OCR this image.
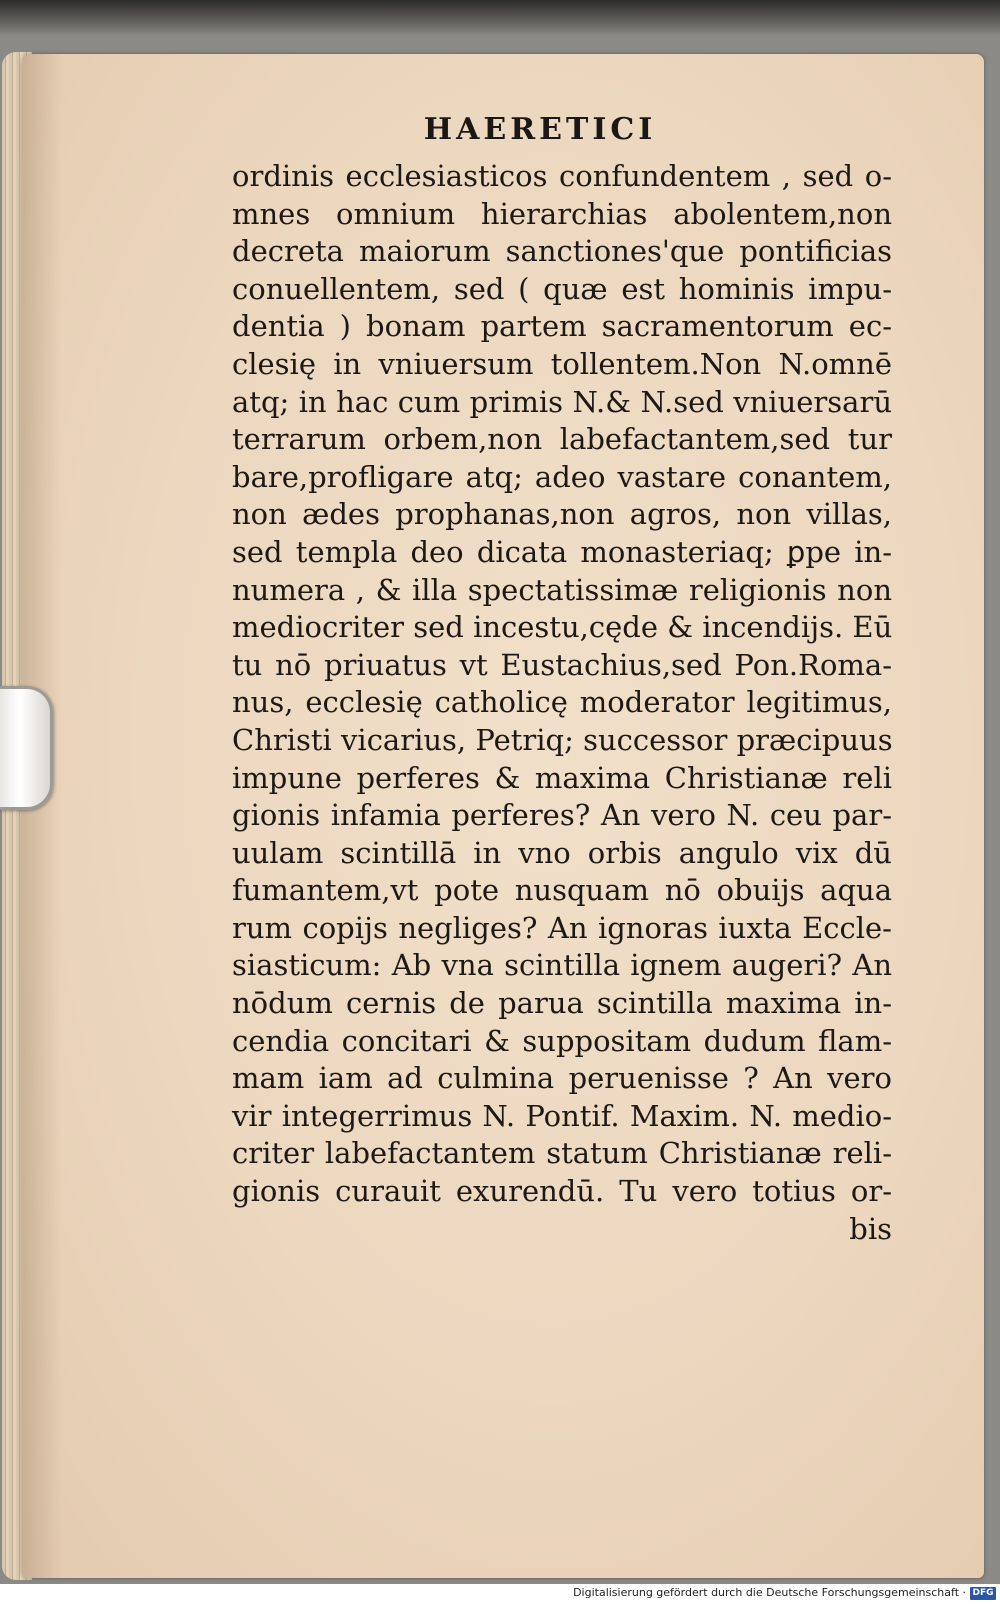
HAERETICI
ordinis ecclesiasticos confundentem , sed o-
mnes omnium hierarchias abolentem,non
decreta maiorum sanctiones'que pontificias
conuellentem, sed ( quæ est hominis impu-
dentia ) bonam partem sacramentorum ec-
clesię in vniuersum tollentem.Non N.omnē
atq; in hac cum primis N.& N.sed vniuersarū
terrarum orbem,non labefactantem,sed tur
bare,profligare atq; adeo vastare conantem,
non ædes prophanas,non agros, non villas,
sed templa deo dicata monasteriaq; ꝑpe in-
numera , & illa spectatissimæ religionis non
mediocriter sed incestu,cęde & incendijs. Eū
tu nō priuatus vt Eustachius,sed Pon.Roma-
nus, ecclesię catholicę moderator legitimus,
Christi vicarius, Petriq; successor præcipuus
impune perferes & maxima Christianæ reli
gionis infamia perferes? An vero N. ceu par-
uulam scintillā in vno orbis angulo vix dū
fumantem,vt pote nusquam nō obuijs aqua
rum copijs negliges? An ignoras iuxta Eccle-
siasticum: Ab vna scintilla ignem augeri? An
nōdum cernis de parua scintilla maxima in-
cendia concitari & suppositam dudum flam-
mam iam ad culmina peruenisse ? An vero
vir integerrimus N. Pontif. Maxim. N. medio-
criter labefactantem statum Christianæ reli-
gionis curauit exurendū. Tu vero totius or-
bis

Digitalisierung gefördert durch die Deutsche Forschungsgemeinschaft · DFG
